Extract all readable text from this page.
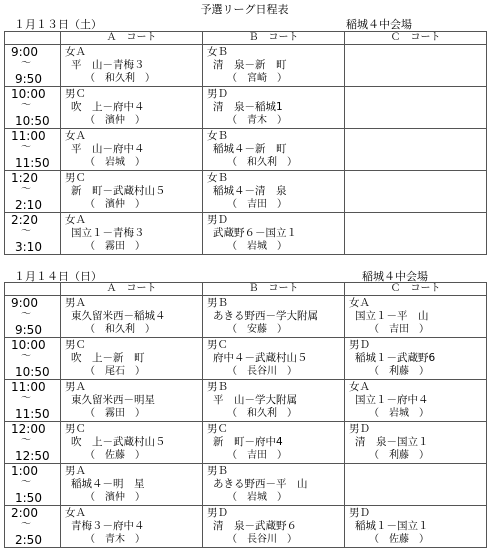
予選リーグ日程表
１月１３日（土）	稲城４中会場
	Ａ　コート	Ｂ　コート	Ｃ　コート

9:00
～
9:50	女Ａ
平　山－青梅３
（　和久利　）	女Ｂ
清　泉－新　町
（　宮崎　）	

10:00
～
10:50	男Ｃ
吹　上－府中４
（　濱仲　）	男Ｄ
清　泉－稲城1
（　青木　）	

11:00
～
11:50	女Ａ
平　山－府中４
（　岩城　）	女Ｂ
稲城４－新　町
（　和久利　）	

1:20
～
2:10	男Ｃ
新　町－武蔵村山５
（　濱仲　）	女Ｂ
稲城４－清　泉
（　吉田　）	

2:20
～
3:10	女Ａ
国立１－青梅３
（　霧田　）	男Ｄ
武蔵野６－国立１
（　岩城　）	

１月１４日（日）	稲城４中会場
	Ａ　コート	Ｂ　コート	Ｃ　コート

9:00
～
9:50	男Ａ
東久留米西－稲城４
（　和久利　）	男Ｂ
あきる野西－学大附属
（　安藤　）	女Ａ
国立１－平　山
（　吉田　）

10:00
～
10:50	男Ｃ
吹　上－新　町
（　尾石　）	男Ｃ
府中４－武蔵村山５
（　長谷川　）	男Ｄ
稲城１－武蔵野6
（　利藤　）

11:00
～
11:50	男Ａ
東久留米西－明星
（　霧田　）	男Ｂ
平　山－学大附属
（　和久利　）	女Ａ
国立１－府中４
（　岩城　）

12:00
～
12:50	男Ｃ
吹　上－武蔵村山５
（　佐藤　）	男Ｃ
新　町－府中4
（　吉田　）	男Ｄ
清　泉－国立１
（　利藤　）

1:00
～
1:50	男Ａ
稲城４－明　星
（　濱仲　）	男Ｂ
あきる野西－平　山
（　岩城　）	

2:00
～
2:50	女Ａ
青梅３－府中４
（　青木　）	男Ｄ
清　泉－武蔵野６
（　長谷川　）	男Ｄ
稲城１－国立１
（　佐藤　）
